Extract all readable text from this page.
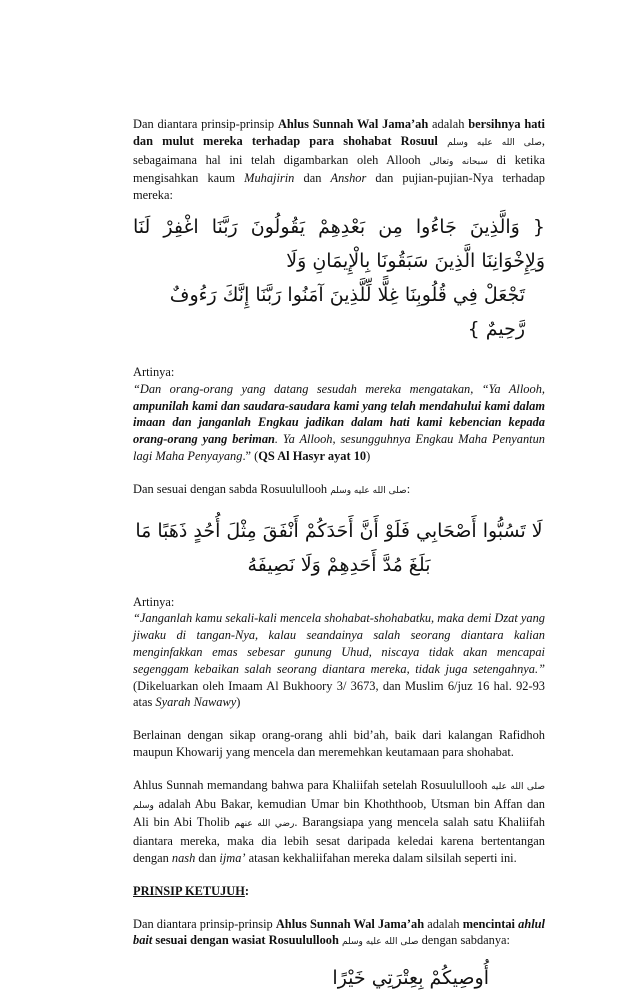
Dan diantara prinsip-prinsip Ahlus Sunnah Wal Jama’ah adalah bersihnya hati dan mulut mereka terhadap para shohabat Rosuul صلى الله عليه وسلم, sebagaimana hal ini telah digambarkan oleh Allooh سبحانه وتعالى di ketika mengisahkan kaum Muhajirin dan Anshor dan pujian-pujian-Nya terhadap mereka:

{ وَالَّذِينَ جَاءُوا مِن بَعْدِهِمْ يَقُولُونَ رَبَّنَا اغْفِرْ لَنَا وَلِإِخْوَانِنَا الَّذِينَ سَبَقُونَا بِالْإِيمَانِ وَلَا

تَجْعَلْ فِي قُلُوبِنَا غِلًّا لِّلَّذِينَ آمَنُوا رَبَّنَا إِنَّكَ رَءُوفٌ رَّحِيمٌ }

Artinya:

“Dan orang-orang yang datang sesudah mereka mengatakan, “Ya Allooh, ampunilah kami dan saudara-saudara kami yang telah mendahului kami dalam imaan dan janganlah Engkau jadikan dalam hati kami kebencian kepada orang-orang yang beriman. Ya Allooh, sesungguhnya Engkau Maha Penyantun lagi Maha Penyayang.” (QS Al Hasyr ayat 10)

Dan sesuai dengan sabda Rosuulullooh صلى الله عليه وسلم:

لَا تَسُبُّوا أَصْحَابِي فَلَوْ أَنَّ أَحَدَكُمْ أَنْفَقَ مِثْلَ أُحُدٍ ذَهَبًا مَا بَلَغَ مُدَّ أَحَدِهِمْ وَلَا نَصِيفَهُ

Artinya:

“Janganlah kamu sekali-kali mencela shohabat-shohabatku, maka demi Dzat yang jiwaku di tangan-Nya, kalau seandainya salah seorang diantara kalian menginfakkan emas sebesar gunung Uhud, niscaya tidak akan mencapai segenggam kebaikan salah seorang diantara mereka, tidak juga setengahnya.” (Dikeluarkan oleh Imaam Al Bukhoory 3/ 3673, dan Muslim 6/juz 16 hal. 92-93 atas Syarah Nawawy)

Berlainan dengan sikap orang-orang ahli bid’ah, baik dari kalangan Rafidhoh maupun Khowarij yang mencela dan meremehkan keutamaan para shohabat.

Ahlus Sunnah memandang bahwa para Khaliifah setelah Rosuulullooh صلى الله عليه وسلم adalah Abu Bakar, kemudian Umar bin Khoththoob, Utsman bin Affan dan Ali bin Abi Tholib رضي الله عنهم. Barangsiapa yang mencela salah satu Khaliifah diantara mereka, maka dia lebih sesat daripada keledai karena bertentangan dengan nash dan ijma’ atasan kekhaliifahan mereka dalam silsilah seperti ini.

PRINSIP KETUJUH:

Dan diantara prinsip-prinsip Ahlus Sunnah Wal Jama’ah adalah mencintai ahlul bait sesuai dengan wasiat Rosuulullooh صلى الله عليه وسلم dengan sabdanya:

أُوصِيكُمْ بِعِتْرَتِي خَيْرًا
